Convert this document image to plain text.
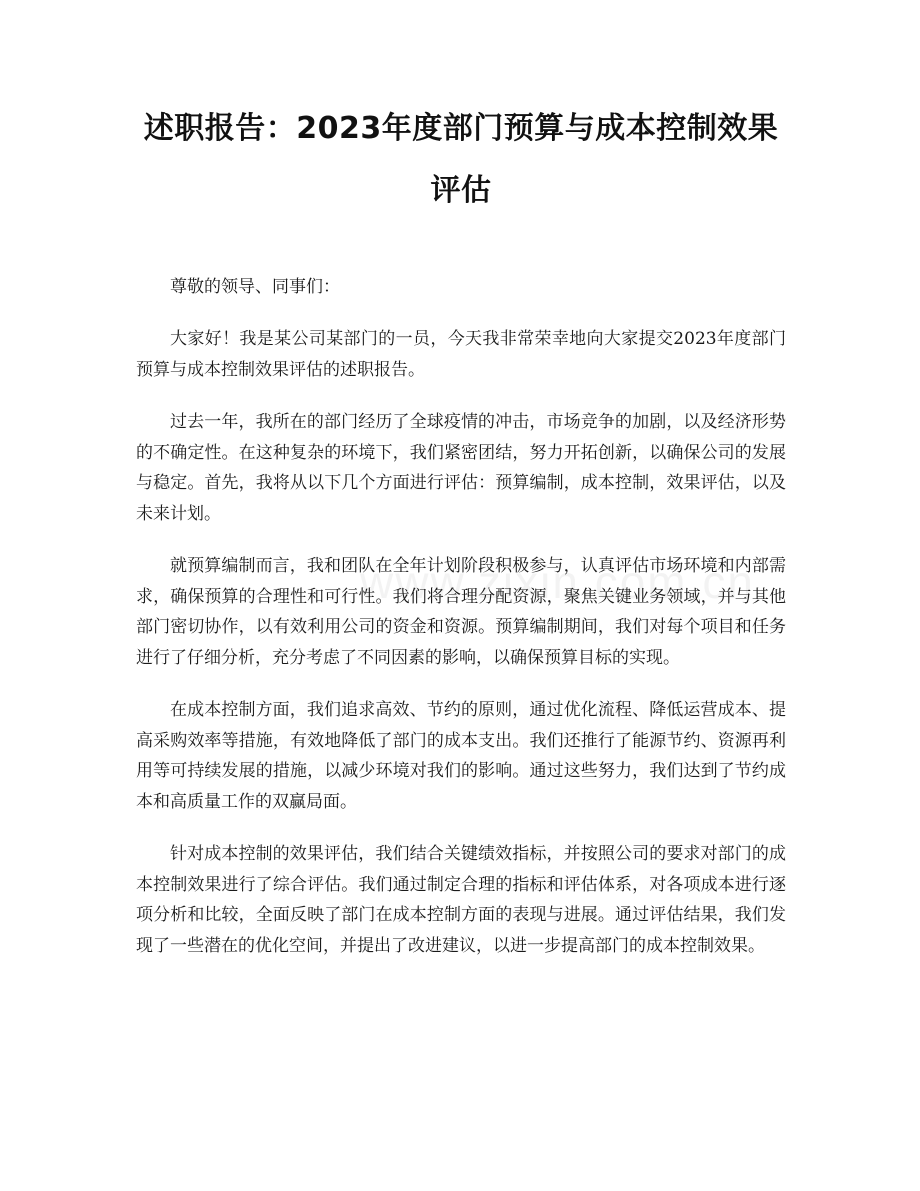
述职报告：2023年度部门预算与成本控制效果评估

尊敬的领导、同事们：

大家好！我是某公司某部门的一员，今天我非常荣幸地向大家提交2023年度部门预算与成本控制效果评估的述职报告。

过去一年，我所在的部门经历了全球疫情的冲击，市场竞争的加剧，以及经济形势的不确定性。在这种复杂的环境下，我们紧密团结，努力开拓创新，以确保公司的发展与稳定。首先，我将从以下几个方面进行评估：预算编制，成本控制，效果评估，以及未来计划。

就预算编制而言，我和团队在全年计划阶段积极参与，认真评估市场环境和内部需求，确保预算的合理性和可行性。我们将合理分配资源，聚焦关键业务领域，并与其他部门密切协作，以有效利用公司的资金和资源。预算编制期间，我们对每个项目和任务进行了仔细分析，充分考虑了不同因素的影响，以确保预算目标的实现。

在成本控制方面，我们追求高效、节约的原则，通过优化流程、降低运营成本、提高采购效率等措施，有效地降低了部门的成本支出。我们还推行了能源节约、资源再利用等可持续发展的措施，以减少环境对我们的影响。通过这些努力，我们达到了节约成本和高质量工作的双赢局面。

针对成本控制的效果评估，我们结合关键绩效指标，并按照公司的要求对部门的成本控制效果进行了综合评估。我们通过制定合理的指标和评估体系，对各项成本进行逐项分析和比较，全面反映了部门在成本控制方面的表现与进展。通过评估结果，我们发现了一些潜在的优化空间，并提出了改进建议，以进一步提高部门的成本控制效果。
